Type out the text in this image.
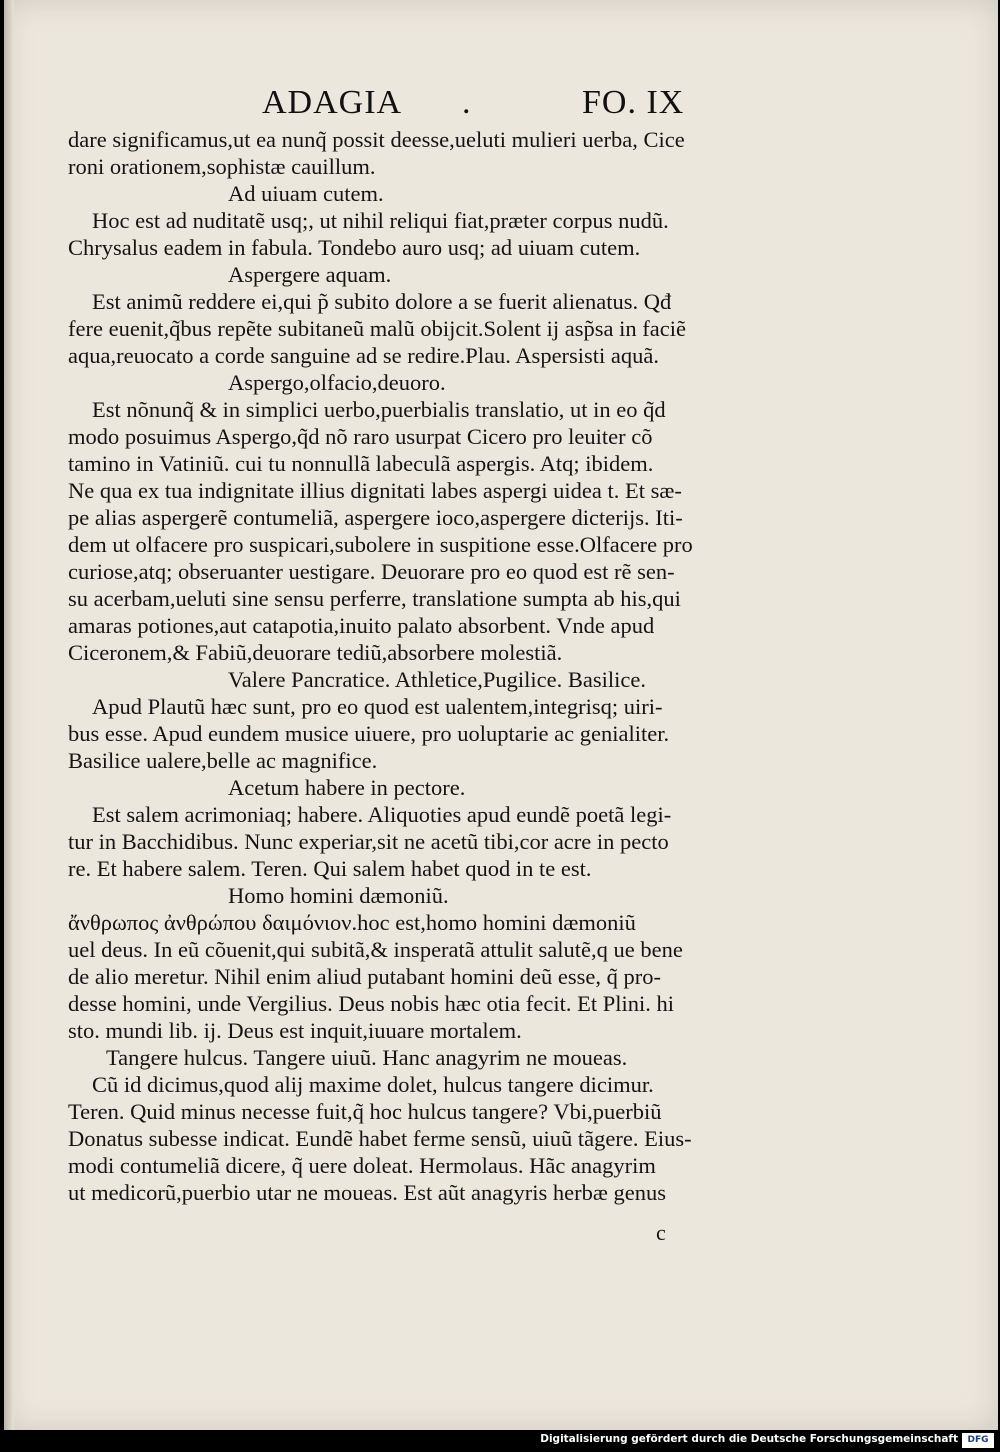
ADAGIA .	FO. IX
dare significamus,ut ea nunq̃ possit deesse,ueluti mulieri uerba, Cice
roni orationem,sophistæ cauillum.
Ad uiuam cutem.
Hoc est ad nuditatẽ usq;, ut nihil reliqui fiat,præter corpus nudũ.
Chrysalus eadem in fabula. Tondebo auro usq; ad uiuam cutem.
Aspergere aquam.
Est animũ reddere ei,qui p̃ subito dolore a se fuerit alienatus. Qđ
fere euenit,q̃bus repẽte subitaneũ malũ obijcit.Solent ij asp̃sa in faciẽ
aqua,reuocato a corde sanguine ad se redire.Plau. Aspersisti aquã.
Aspergo,olfacio,deuoro.
Est nõnunq̃ & in simplici uerbo,puerbialis translatio, ut in eo q̃d
modo posuimus Aspergo,q̃d nõ raro usurpat Cicero pro leuiter cõ
tamino in Vatiniũ. cui tu nonnullã labeculã aspergis. Atq; ibidem.
Ne qua ex tua indignitate illius dignitati labes aspergi uidea t. Et sæ-
pe alias aspergerẽ contumeliã, aspergere ioco,aspergere dicterijs. Iti-
dem ut olfacere pro suspicari,subolere in suspitione esse.Olfacere pro
curiose,atq; obseruanter uestigare. Deuorare pro eo quod est rẽ sen-
su acerbam,ueluti sine sensu perferre, translatione sumpta ab his,qui
amaras potiones,aut catapotia,inuito palato absorbent. Vnde apud
Ciceronem,& Fabiũ,deuorare tediũ,absorbere molestiã.
Valere Pancratice. Athletice,Pugilice. Basilice.
Apud Plautũ hæc sunt, pro eo quod est ualentem,integrisq; uiri-
bus esse. Apud eundem musice uiuere, pro uoluptarie ac genialiter.
Basilice ualere,belle ac magnifice.
Acetum habere in pectore.
Est salem acrimoniaq; habere. Aliquoties apud eundẽ poetã legi-
tur in Bacchidibus. Nunc experiar,sit ne acetũ tibi,cor acre in pecto
re. Et habere salem. Teren. Qui salem habet quod in te est.
Homo homini dæmoniũ.
ἄνθρωπος ἀνθρώπου δαιμόνιον.hoc est,homo homini dæmoniũ
uel deus. In eũ cõuenit,qui subitã,& insperatã attulit salutẽ,q ue bene
de alio meretur. Nihil enim aliud putabant homini deũ esse, q̃ pro-
desse homini, unde Vergilius. Deus nobis hæc otia fecit. Et Plini. hi
sto. mundi lib. ij. Deus est inquit,iuuare mortalem.
Tangere hulcus. Tangere uiuũ. Hanc anagyrim ne moueas.
Cũ id dicimus,quod alij maxime dolet, hulcus tangere dicimur.
Teren. Quid minus necesse fuit,q̃ hoc hulcus tangere? Vbi,puerbiũ
Donatus subesse indicat. Eundẽ habet ferme sensũ, uiuũ tãgere. Eius-
modi contumeliã dicere, q̃ uere doleat. Hermolaus. Hãc anagyrim
ut medicorũ,puerbio utar ne moueas. Est aũt anagyris herbæ genus
c
Digitalisierung gefördert durch die Deutsche Forschungsgemeinschaft	DFG
